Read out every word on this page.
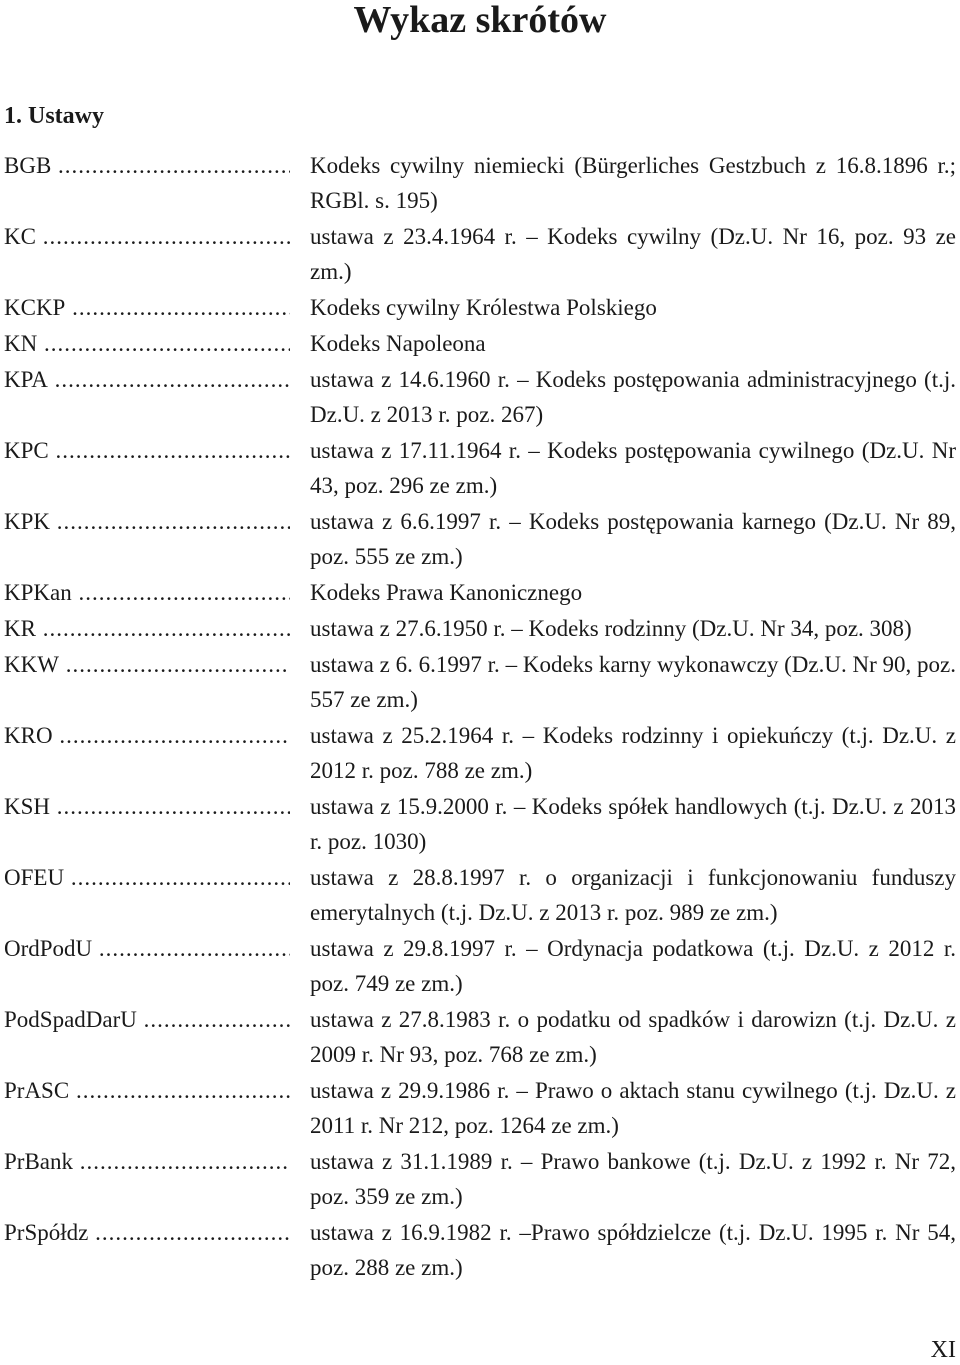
Wykaz skrótów
1. Ustawy
BGB .....	Kodeks cywilny niemiecki (Bürgerliches Gestzbuch z 16.8.1896 r.; RGBl. s. 195)
KC .....	ustawa z 23.4.1964 r. – Kodeks cywilny (Dz.U. Nr 16, poz. 93 ze zm.)
KCKP .....	Kodeks cywilny Królestwa Polskiego
KN .....	Kodeks Napoleona
KPA .....	ustawa z 14.6.1960 r. – Kodeks postępowania administracyjnego (t.j. Dz.U. z 2013 r. poz. 267)
KPC .....	ustawa z 17.11.1964 r. – Kodeks postępowania cywilnego (Dz.U. Nr 43, poz. 296 ze zm.)
KPK .....	ustawa z 6.6.1997 r. – Kodeks postępowania karnego (Dz.U. Nr 89, poz. 555 ze zm.)
KPKan .....	Kodeks Prawa Kanonicznego
KR .....	ustawa z 27.6.1950 r. – Kodeks rodzinny (Dz.U. Nr 34, poz. 308)
KKW .....	ustawa z 6. 6.1997 r. – Kodeks karny wykonawczy (Dz.U. Nr 90, poz. 557 ze zm.)
KRO .....	ustawa z 25.2.1964 r. – Kodeks rodzinny i opiekuńczy (t.j. Dz.U. z 2012 r. poz. 788 ze zm.)
KSH .....	ustawa z 15.9.2000 r. – Kodeks spółek handlowych (t.j. Dz.U. z 2013 r. poz. 1030)
OFEU .....	ustawa z 28.8.1997 r. o organizacji i funkcjonowaniu funduszy emerytalnych (t.j. Dz.U. z 2013 r. poz. 989 ze zm.)
OrdPodU .....	ustawa z 29.8.1997 r. – Ordynacja podatkowa (t.j. Dz.U. z 2012 r. poz. 749 ze zm.)
PodSpadDarU .....	ustawa z 27.8.1983 r. o podatku od spadków i darowizn (t.j. Dz.U. z 2009 r. Nr 93, poz. 768 ze zm.)
PrASC .....	ustawa z 29.9.1986 r. – Prawo o aktach stanu cywilnego (t.j. Dz.U. z 2011 r. Nr 212, poz. 1264 ze zm.)
PrBank .....	ustawa z 31.1.1989 r. – Prawo bankowe (t.j. Dz.U. z 1992 r. Nr 72, poz. 359 ze zm.)
PrSpółdz .....	ustawa z 16.9.1982 r. –Prawo spółdzielcze (t.j. Dz.U. 1995 r. Nr 54, poz. 288 ze zm.)
XI
